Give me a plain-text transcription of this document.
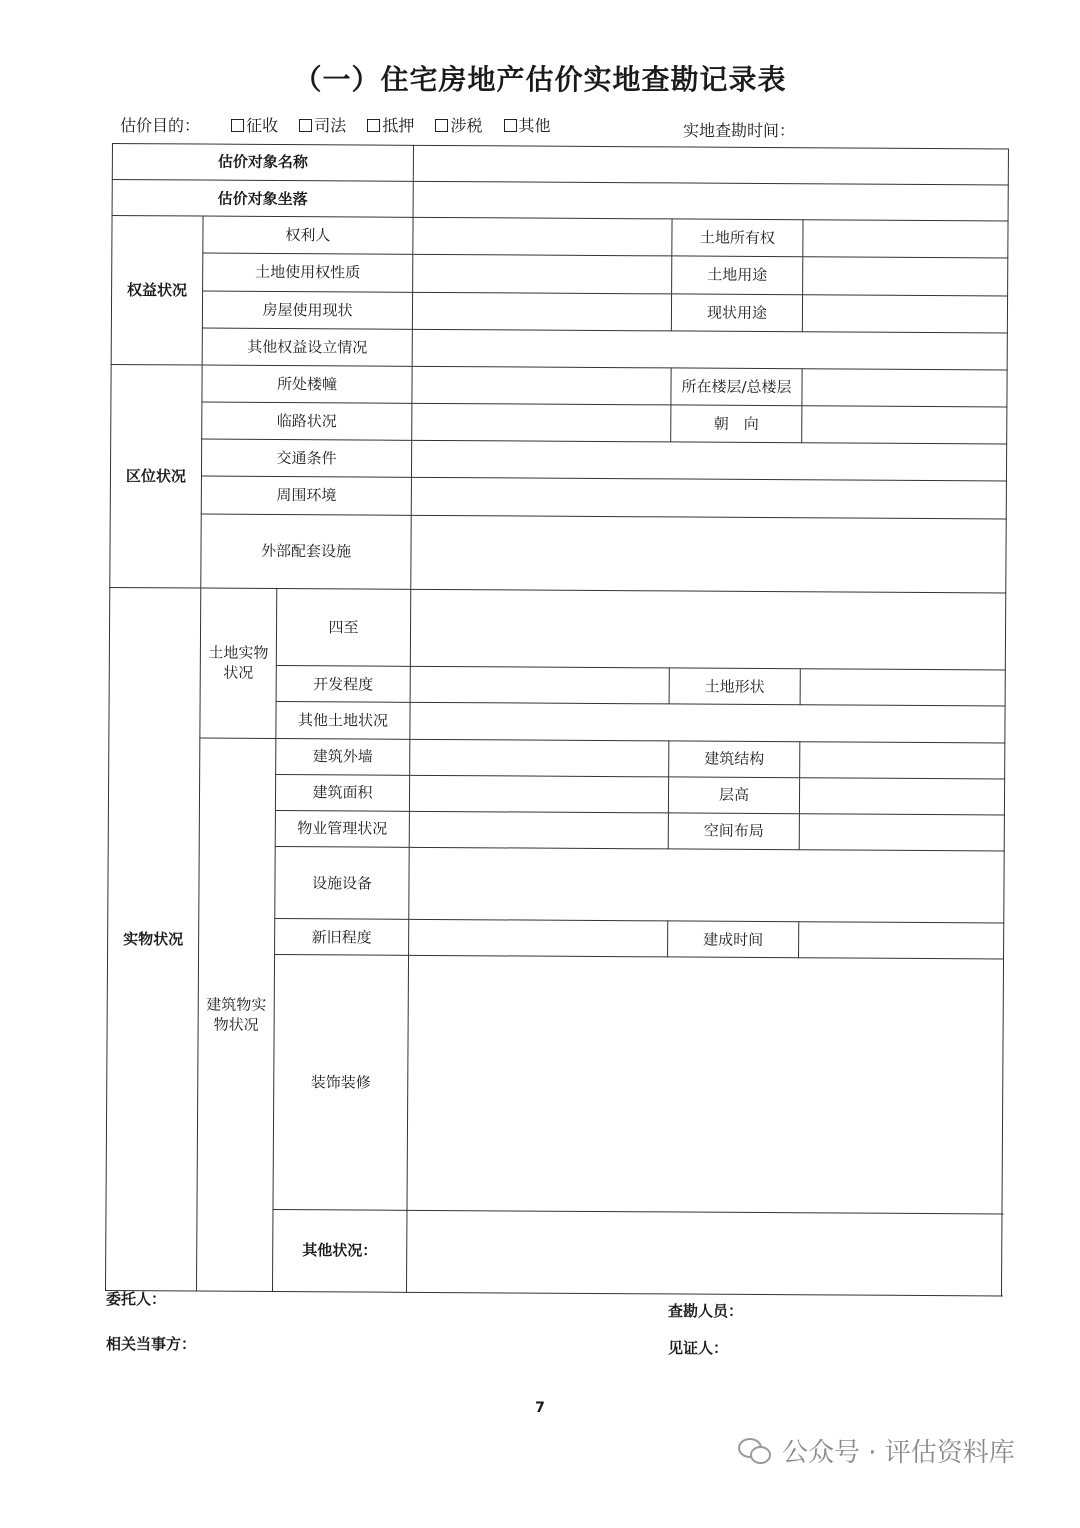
（一）住宅房地产估价实地查勘记录表
估价目的：	征收 司法 抵押 涉税 其他	实地查勘时间：
估价对象名称					
估价对象坐落					
权益状况	权利人			土地所有权	
	土地使用权性质			土地用途	
	房屋使用现状			现状用途	
	其他权益设立情况				
区位状况	所处楼幢			所在楼层/总楼层	
	临路状况			朝　向	
	交通条件				
	周围环境				
	外部配套设施				
实物状况	土地实物状况	四至			
		开发程度		土地形状	
		其他土地状况			
	建筑物实物状况	建筑外墙		建筑结构	
		建筑面积		层高	
		物业管理状况		空间布局	
		设施设备			
		新旧程度		建成时间	
		装饰装修			
		其他状况：			
委托人：
查勘人员：
相关当事方：	见证人：
7
公众号 · 评估资料库
